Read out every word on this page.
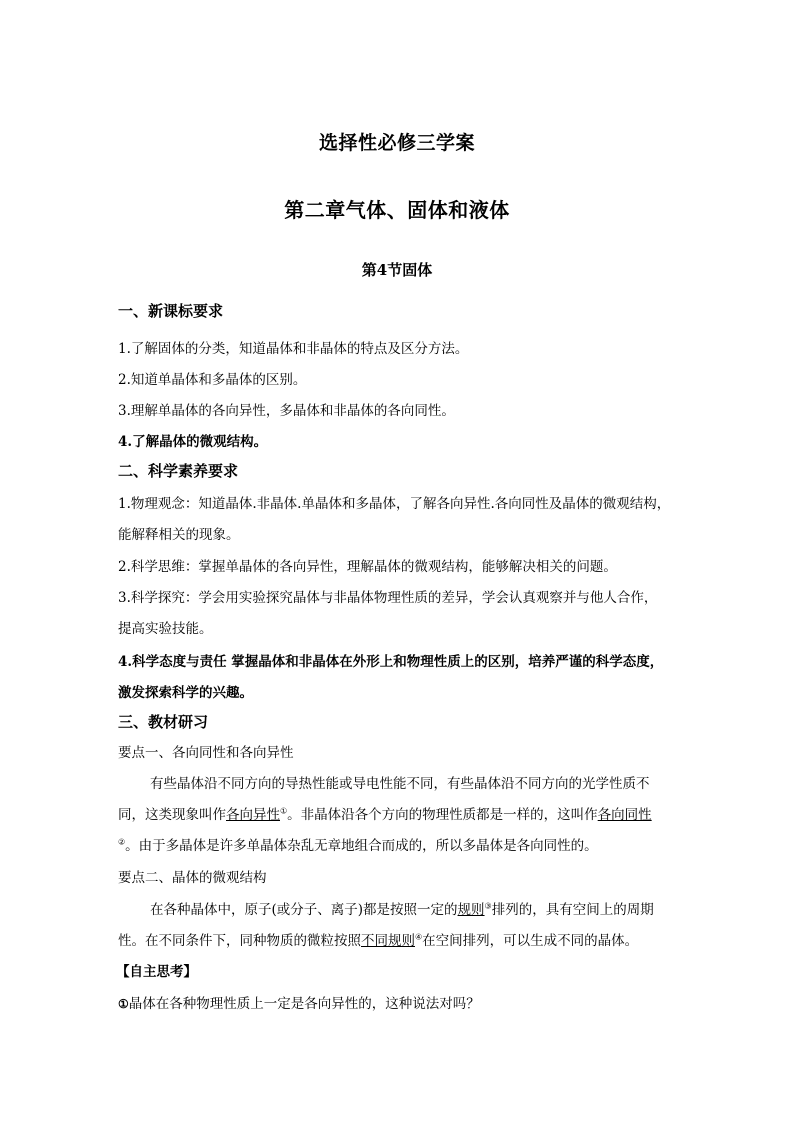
选择性必修三学案
第二章气体、固体和液体
第4节固体
一、新课标要求
1.了解固体的分类，知道晶体和非晶体的特点及区分方法。
2.知道单晶体和多晶体的区别。
3.理解单晶体的各向异性，多晶体和非晶体的各向同性。
4.了解晶体的微观结构。
二、科学素养要求
1.物理观念：知道晶体.非晶体.单晶体和多晶体，了解各向异性.各向同性及晶体的微观结构，
能解释相关的现象。
2.科学思维：掌握单晶体的各向异性，理解晶体的微观结构，能够解决相关的问题。
3.科学探究：学会用实验探究晶体与非晶体物理性质的差异，学会认真观察并与他人合作，
提高实验技能。
4.科学态度与责任 掌握晶体和非晶体在外形上和物理性质上的区别，培养严谨的科学态度，
激发探索科学的兴趣。
三、教材研习
要点一、各向同性和各向异性
有些晶体沿不同方向的导热性能或导电性能不同，有些晶体沿不同方向的光学性质不
同，这类现象叫作各向异性①。非晶体沿各个方向的物理性质都是一样的，这叫作各向同性
②。由于多晶体是许多单晶体杂乱无章地组合而成的，所以多晶体是各向同性的。
要点二、晶体的微观结构
在各种晶体中，原子(或分子、离子)都是按照一定的规则③排列的，具有空间上的周期
性。在不同条件下，同种物质的微粒按照不同规则④在空间排列，可以生成不同的晶体。
【自主思考】
①晶体在各种物理性质上一定是各向异性的，这种说法对吗？
